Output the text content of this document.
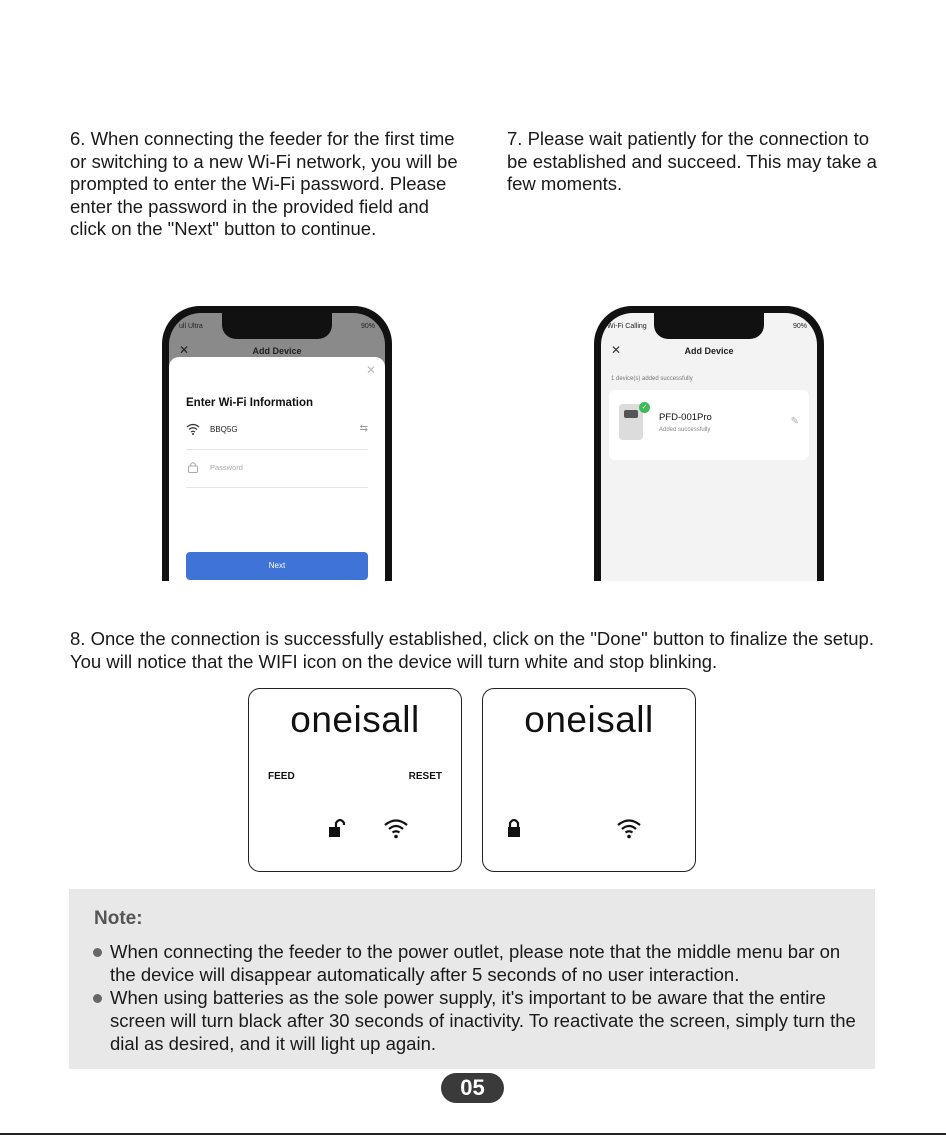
6. When connecting the feeder for the first time or switching to a new Wi-Fi network, you will be prompted to enter the Wi-Fi password. Please enter the password in the provided field and click on the "Next" button to continue.
7. Please wait patiently for the connection to be established and succeed. This may take a few moments.
ull Ultra	90%
✕	Add Device
✕
Enter Wi-Fi Information
BBQ5G	⇆
Password
Next
Wi-Fi Calling	90%
✕	Add Device
1 device(s) added successfully
✓
PFD-001Pro
Added successfully
✎
8. Once the connection is successfully established, click on the "Done" button to finalize the setup. You will notice that the WIFI icon on the device will turn white and stop blinking.
oneisall
FEED	RESET
oneisall
Note:
When connecting the feeder to the power outlet, please note that the middle menu bar on the device will disappear automatically after 5 seconds of no user interaction.
When using batteries as the sole power supply, it's important to be aware that the entire screen will turn black after 30 seconds of inactivity. To reactivate the screen, simply turn the dial as desired, and it will light up again.
05
